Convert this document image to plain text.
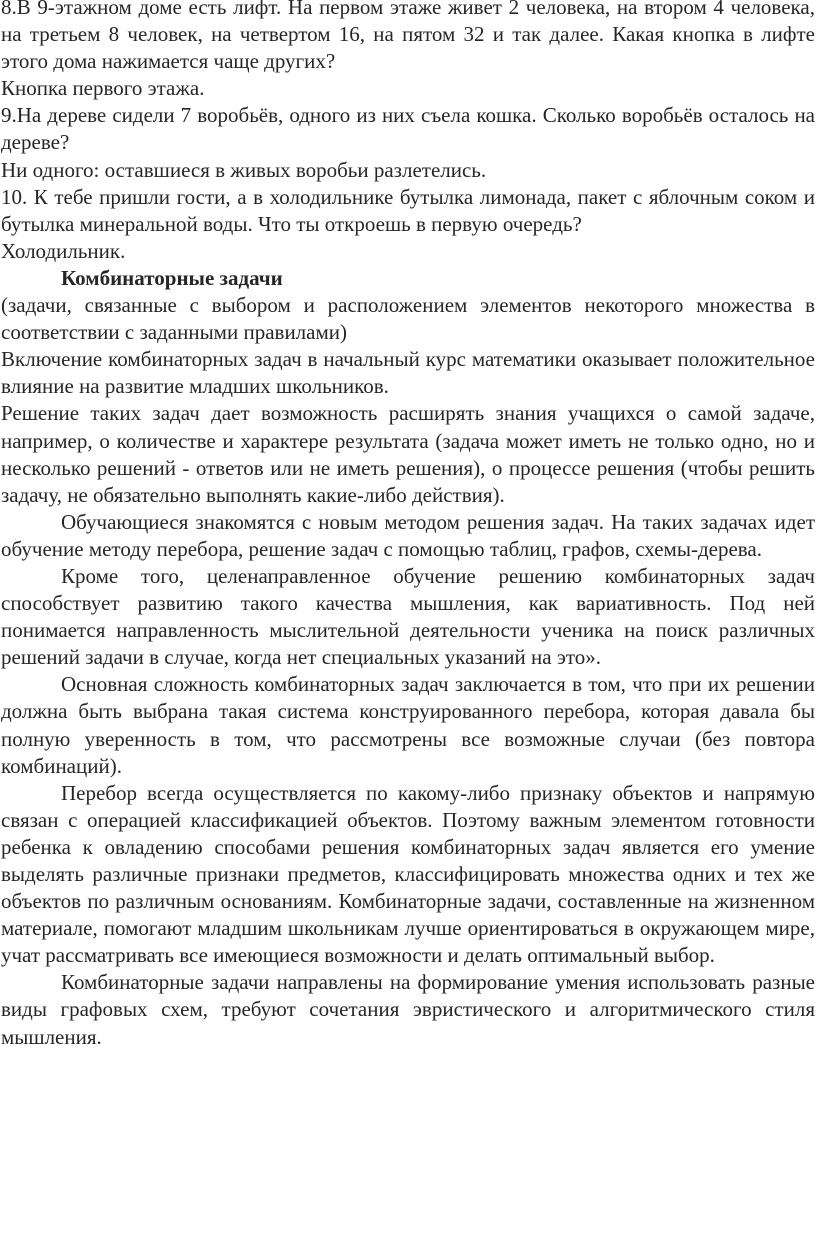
8.В 9-этажном доме есть лифт. На первом этаже живет 2 человека, на втором 4 человека, на третьем 8 человек, на четвертом 16, на пятом 32 и так далее. Какая кнопка в лифте этого дома нажимается чаще других?

Кнопка первого этажа.

9.На дереве сидели 7 воробьёв, одного из них съела кошка. Сколько воробьёв осталось на дереве?

Ни одного: оставшиеся в живых воробьи разлетелись.

10. К тебе пришли гости, а в холодильнике бутылка лимонада, пакет с яблочным соком и бутылка минеральной воды. Что ты откроешь в первую очередь?

Холодильник.

Комбинаторные задачи

(задачи, связанные с выбором и расположением элементов некоторого множества в соответствии с заданными правилами)

Включение комбинаторных задач в начальный курс математики оказывает положительное влияние на развитие младших школьников.

Решение таких задач дает возможность расширять знания учащихся о самой задаче, например, о количестве и характере результата (задача может иметь не только одно, но и несколько решений - ответов или не иметь решения), о процессе решения (чтобы решить задачу, не обязательно выполнять какие-либо действия).

Обучающиеся знакомятся с новым методом решения задач. На таких задачах идет обучение методу перебора, решение задач с помощью таблиц, графов, схемы-дерева.

Кроме того, целенаправленное обучение решению комбинаторных задач способствует развитию такого качества мышления, как вариативность. Под ней понимается направленность мыслительной деятельности ученика на поиск различных решений задачи в случае, когда нет специальных указаний на это».

Основная сложность комбинаторных задач заключается в том, что при их решении должна быть выбрана такая система конструированного перебора, которая давала бы полную уверенность в том, что рассмотрены все возможные случаи (без повтора комбинаций).

Перебор всегда осуществляется по какому-либо признаку объектов и напрямую связан с операцией классификацией объектов. Поэтому важным элементом готовности ребенка к овладению способами решения комбинаторных задач является его умение выделять различные признаки предметов, классифицировать множества одних и тех же объектов по различным основаниям. Комбинаторные задачи, составленные на жизненном материале, помогают младшим школьникам лучше ориентироваться в окружающем мире, учат рассматривать все имеющиеся возможности и делать оптимальный выбор.

Комбинаторные задачи направлены на формирование умения использовать разные виды графовых схем, требуют сочетания эвристического и алгоритмического стиля мышления.
